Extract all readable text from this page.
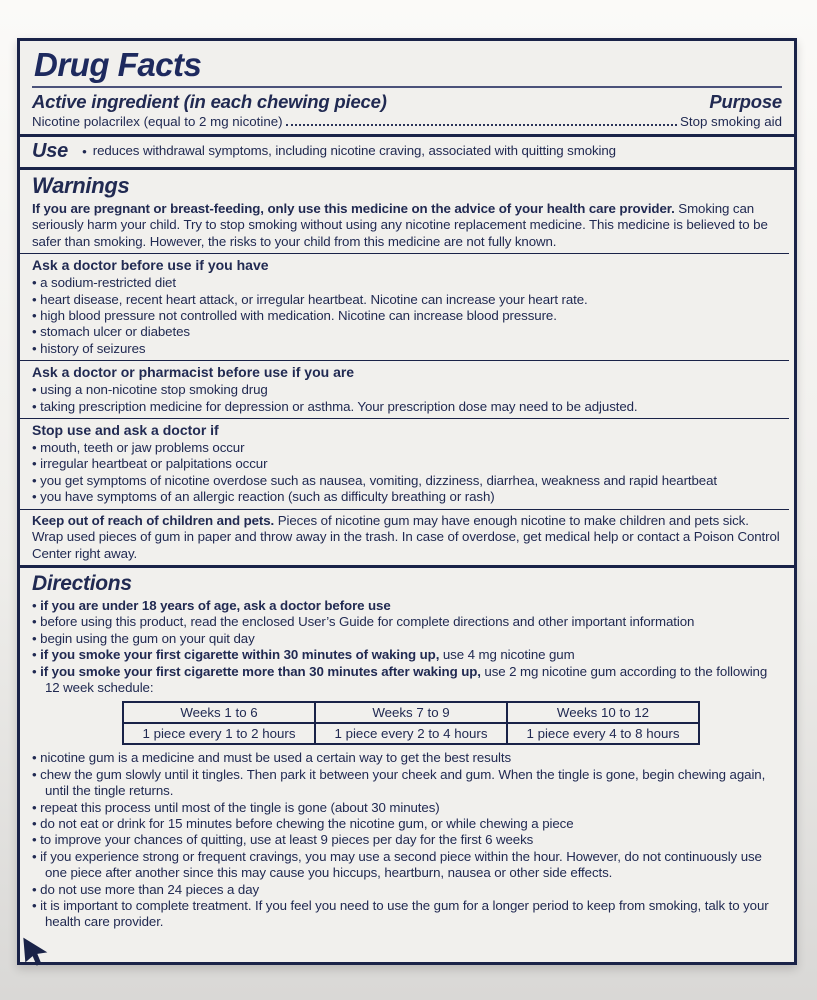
Drug Facts
Active ingredient (in each chewing piece)	Purpose
Nicotine polacrilex (equal to 2 mg nicotine)	Stop smoking aid
Use • reduces withdrawal symptoms, including nicotine craving, associated with quitting smoking
Warnings

If you are pregnant or breast-feeding, only use this medicine on the advice of your health care provider. Smoking can seriously harm your child. Try to stop smoking without using any nicotine replacement medicine. This medicine is believed to be safer than smoking. However, the risks to your child from this medicine are not fully known.

Ask a doctor before use if you have
• a sodium-restricted diet
• heart disease, recent heart attack, or irregular heartbeat. Nicotine can increase your heart rate.
• high blood pressure not controlled with medication. Nicotine can increase blood pressure.
• stomach ulcer or diabetes
• history of seizures
Ask a doctor or pharmacist before use if you are
• using a non-nicotine stop smoking drug
• taking prescription medicine for depression or asthma. Your prescription dose may need to be adjusted.
Stop use and ask a doctor if
• mouth, teeth or jaw problems occur
• irregular heartbeat or palpitations occur
• you get symptoms of nicotine overdose such as nausea, vomiting, dizziness, diarrhea, weakness and rapid heartbeat
• you have symptoms of an allergic reaction (such as difficulty breathing or rash)

Keep out of reach of children and pets. Pieces of nicotine gum may have enough nicotine to make children and pets sick. Wrap used pieces of gum in paper and throw away in the trash. In case of overdose, get medical help or contact a Poison Control Center right away.

Directions
• if you are under 18 years of age, ask a doctor before use
• before using this product, read the enclosed User’s Guide for complete directions and other important information
• begin using the gum on your quit day
• if you smoke your first cigarette within 30 minutes of waking up, use 4 mg nicotine gum
• if you smoke your first cigarette more than 30 minutes after waking up, use 2 mg nicotine gum according to the following 12 week schedule:
Weeks 1 to 6	Weeks 7 to 9	Weeks 10 to 12
1 piece every 1 to 2 hours	1 piece every 2 to 4 hours	1 piece every 4 to 8 hours
• nicotine gum is a medicine and must be used a certain way to get the best results
• chew the gum slowly until it tingles. Then park it between your cheek and gum. When the tingle is gone, begin chewing again, until the tingle returns.
• repeat this process until most of the tingle is gone (about 30 minutes)
• do not eat or drink for 15 minutes before chewing the nicotine gum, or while chewing a piece
• to improve your chances of quitting, use at least 9 pieces per day for the first 6 weeks
• if you experience strong or frequent cravings, you may use a second piece within the hour. However, do not continuously use one piece after another since this may cause you hiccups, heartburn, nausea or other side effects.
• do not use more than 24 pieces a day
• it is important to complete treatment. If you feel you need to use the gum for a longer period to keep from smoking, talk to your health care provider.
